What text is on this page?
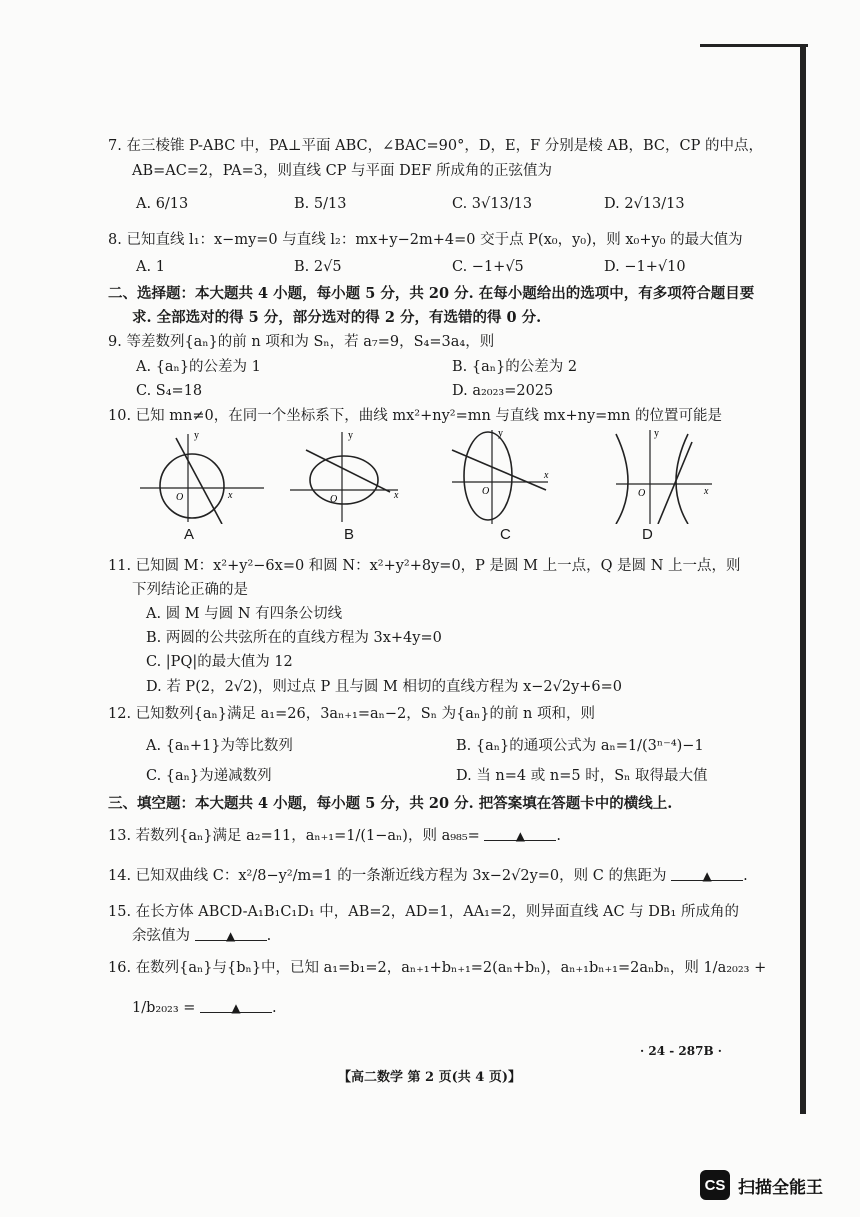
7. 在三棱锥 P-ABC 中，PA⊥平面 ABC，∠BAC=90°，D，E，F 分别是棱 AB，BC，CP 的中点，
AB=AC=2，PA=3，则直线 CP 与平面 DEF 所成角的正弦值为
A. 6/13	B. 5/13	C. 3√13/13	D. 2√13/13
8. 已知直线 l₁：x−my=0 与直线 l₂：mx+y−2m+4=0 交于点 P(x₀，y₀)，则 x₀+y₀ 的最大值为
A. 1	B. 2√5	C. −1+√5	D. −1+√10
二、选择题：本大题共 4 小题，每小题 5 分，共 20 分. 在每小题给出的选项中，有多项符合题目要
求. 全部选对的得 5 分，部分选对的得 2 分，有选错的得 0 分.
9. 等差数列{aₙ}的前 n 项和为 Sₙ，若 a₇=9，S₄=3a₄，则
A. {aₙ}的公差为 1	B. {aₙ}的公差为 2
C. S₄=18	D. a₂₀₂₃=2025
10. 已知 mn≠0，在同一个坐标系下，曲线 mx²+ny²=mn 与直线 mx+ny=mn 的位置可能是
y
x
O
A
y
x
O
B
y
x
O
C
y
x
O
D
11. 已知圆 M：x²+y²−6x=0 和圆 N：x²+y²+8y=0，P 是圆 M 上一点，Q 是圆 N 上一点，则
下列结论正确的是
A. 圆 M 与圆 N 有四条公切线
B. 两圆的公共弦所在的直线方程为 3x+4y=0
C. |PQ|的最大值为 12
D. 若 P(2，2√2)，则过点 P 且与圆 M 相切的直线方程为 x−2√2y+6=0
12. 已知数列{aₙ}满足 a₁=26，3aₙ₊₁=aₙ−2，Sₙ 为{aₙ}的前 n 项和，则
A. {aₙ+1}为等比数列	B. {aₙ}的通项公式为 aₙ=1/(3ⁿ⁻⁴)−1
C. {aₙ}为递减数列	D. 当 n=4 或 n=5 时，Sₙ 取得最大值
三、填空题：本大题共 4 小题，每小题 5 分，共 20 分. 把答案填在答题卡中的横线上.
13. 若数列{aₙ}满足 a₂=11，aₙ₊₁=1/(1−aₙ)，则 a₉₈₅=	▲ .
14. 已知双曲线 C：x²/8−y²/m=1 的一条渐近线方程为 3x−2√2y=0，则 C 的焦距为	▲ .
15. 在长方体 ABCD-A₁B₁C₁D₁ 中，AB=2，AD=1，AA₁=2，则异面直线 AC 与 DB₁ 所成角的
余弦值为	▲ .
16. 在数列{aₙ}与{bₙ}中，已知 a₁=b₁=2，aₙ₊₁+bₙ₊₁=2(aₙ+bₙ)，aₙ₊₁bₙ₊₁=2aₙbₙ，则 1/a₂₀₂₃ +
1/b₂₀₂₃ =	▲ .
· 24 - 287B ·
【高二数学 第 2 页(共 4 页)】
CS 扫描全能王
